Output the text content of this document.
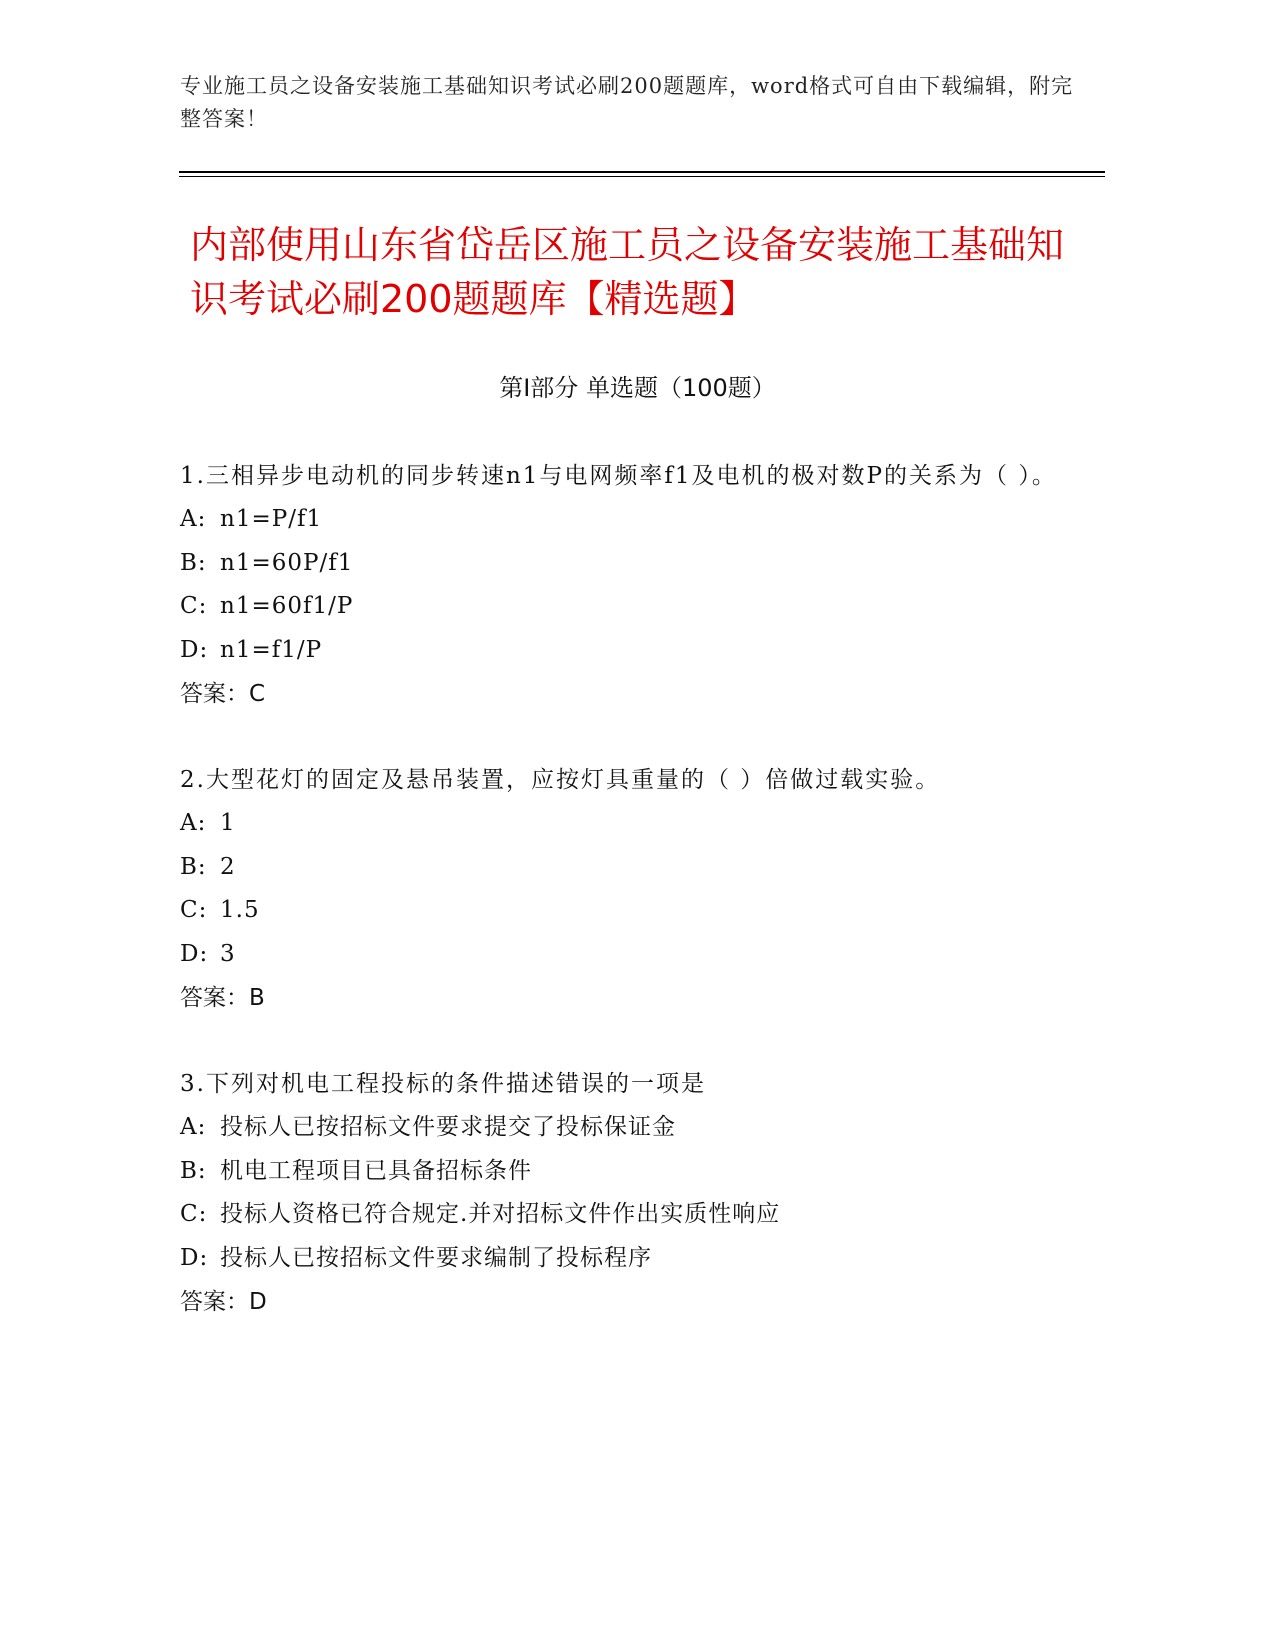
专业施工员之设备安装施工基础知识考试必刷200题题库，word格式可自由下载编辑，附完整答案！
内部使用山东省岱岳区施工员之设备安装施工基础知识考试必刷200题题库【精选题】
第I部分 单选题（100题）
1.三相异步电动机的同步转速n1与电网频率f1及电机的极对数P的关系为（ ）。
A: n1=P/f1
B: n1=60P/f1
C: n1=60f1/P
D: n1=f1/P
答案：C
2.大型花灯的固定及悬吊装置，应按灯具重量的（ ）倍做过载实验。
A: 1
B: 2
C: 1.5
D: 3
答案：B
3.下列对机电工程投标的条件描述错误的一项是
A: 投标人已按招标文件要求提交了投标保证金
B: 机电工程项目已具备招标条件
C: 投标人资格已符合规定.并对招标文件作出实质性响应
D: 投标人已按招标文件要求编制了投标程序
答案：D
